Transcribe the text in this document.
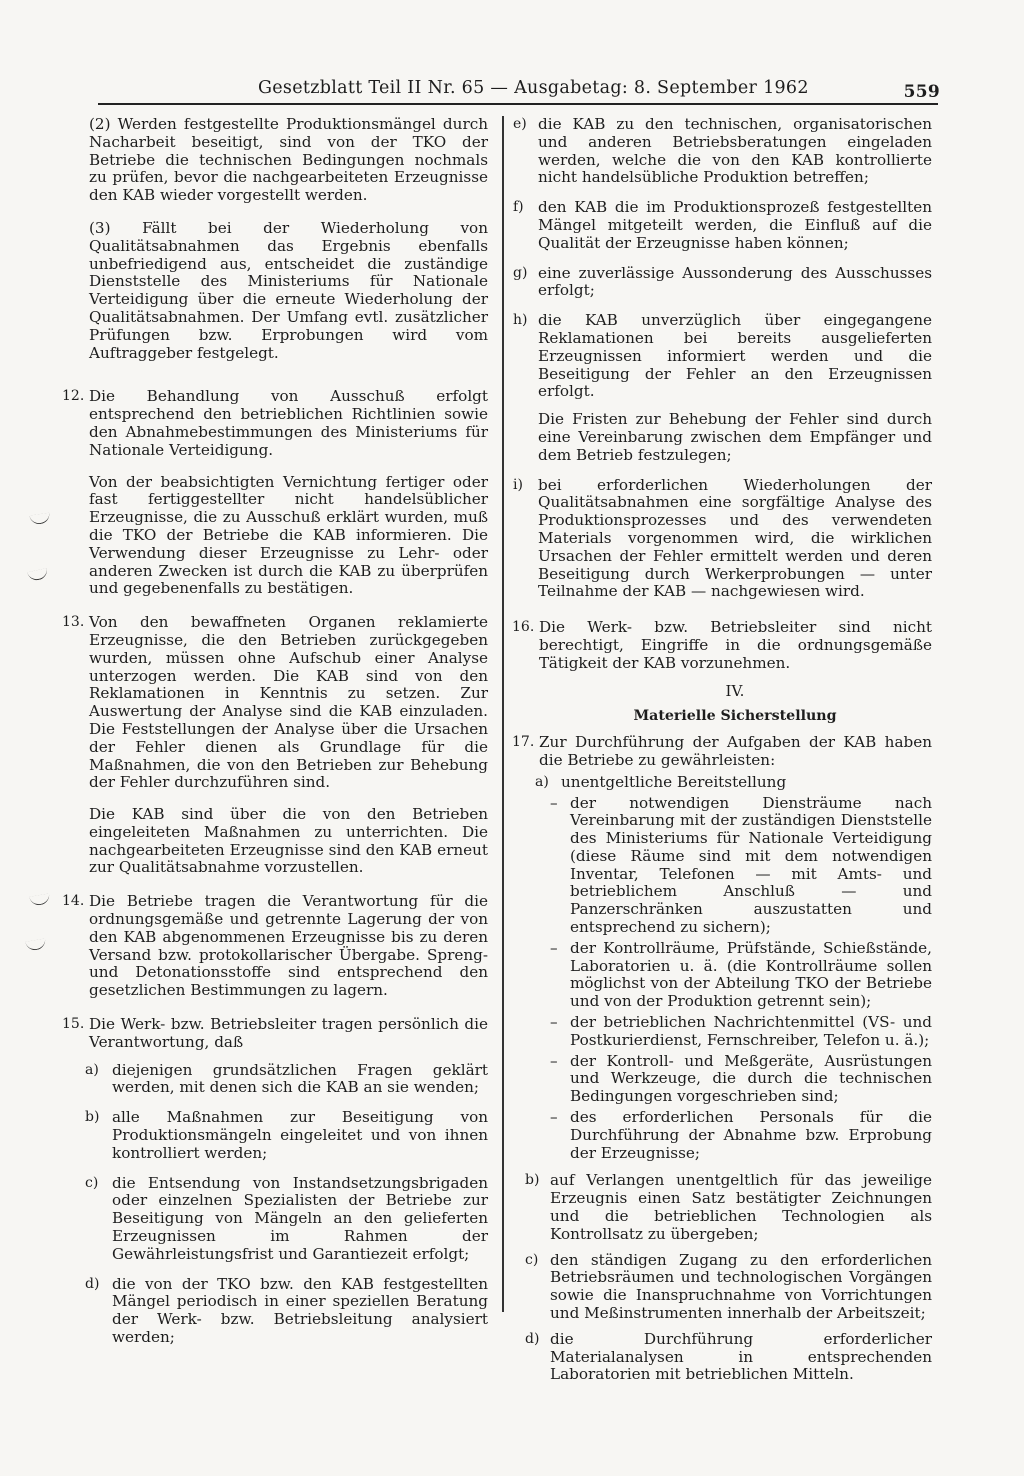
Gesetzblatt Teil II Nr. 65 — Ausgabetag: 8. September 1962	559

(2) Werden festgestellte Produktionsmängel durch Nacharbeit beseitigt, sind von der TKO der Betriebe die technischen Bedingungen nochmals zu prüfen, bevor die nachgearbeiteten Erzeugnisse den KAB wieder vorgestellt werden.

(3) Fällt bei der Wiederholung von Qualitätsabnahmen das Ergebnis ebenfalls unbefriedigend aus, entscheidet die zuständige Dienststelle des Ministeriums für Nationale Verteidigung über die erneute Wiederholung der Qualitätsabnahmen. Der Umfang evtl. zusätzlicher Prüfungen bzw. Erprobungen wird vom Auftraggeber festgelegt.

12. Die Behandlung von Ausschuß erfolgt entsprechend den betrieblichen Richtlinien sowie den Abnahmebestimmungen des Ministeriums für Nationale Verteidigung.

Von der beabsichtigten Vernichtung fertiger oder fast fertiggestellter nicht handelsüblicher Erzeugnisse, die zu Ausschuß erklärt wurden, muß die TKO der Betriebe die KAB informieren. Die Verwendung dieser Erzeugnisse zu Lehr- oder anderen Zwecken ist durch die KAB zu überprüfen und gegebenenfalls zu bestätigen.

13. Von den bewaffneten Organen reklamierte Erzeugnisse, die den Betrieben zurückgegeben wurden, müssen ohne Aufschub einer Analyse unterzogen werden. Die KAB sind von den Reklamationen in Kenntnis zu setzen. Zur Auswertung der Analyse sind die KAB einzuladen. Die Feststellungen der Analyse über die Ursachen der Fehler dienen als Grundlage für die Maßnahmen, die von den Betrieben zur Behebung der Fehler durchzuführen sind.

Die KAB sind über die von den Betrieben eingeleiteten Maßnahmen zu unterrichten. Die nachgearbeiteten Erzeugnisse sind den KAB erneut zur Qualitätsabnahme vorzustellen.

14. Die Betriebe tragen die Verantwortung für die ordnungsgemäße und getrennte Lagerung der von den KAB abgenommenen Erzeugnisse bis zu deren Versand bzw. protokollarischer Übergabe. Spreng- und Detonationsstoffe sind entsprechend den gesetzlichen Bestimmungen zu lagern.

15. Die Werk- bzw. Betriebsleiter tragen persönlich die Verantwortung, daß

a) diejenigen grundsätzlichen Fragen geklärt werden, mit denen sich die KAB an sie wenden;

b) alle Maßnahmen zur Beseitigung von Produktionsmängeln eingeleitet und von ihnen kontrolliert werden;

c) die Entsendung von Instandsetzungsbrigaden oder einzelnen Spezialisten der Betriebe zur Beseitigung von Mängeln an den gelieferten Erzeugnissen im Rahmen der Gewährleistungsfrist und Garantiezeit erfolgt;

d) die von der TKO bzw. den KAB festgestellten Mängel periodisch in einer speziellen Beratung der Werk- bzw. Betriebsleitung analysiert werden;

e) die KAB zu den technischen, organisatorischen und anderen Betriebsberatungen eingeladen werden, welche die von den KAB kontrollierte nicht handelsübliche Produktion betreffen;

f) den KAB die im Produktionsprozeß festgestellten Mängel mitgeteilt werden, die Einfluß auf die Qualität der Erzeugnisse haben können;

g) eine zuverlässige Aussonderung des Ausschusses erfolgt;

h) die KAB unverzüglich über eingegangene Reklamationen bei bereits ausgelieferten Erzeugnissen informiert werden und die Beseitigung der Fehler an den Erzeugnissen erfolgt.

Die Fristen zur Behebung der Fehler sind durch eine Vereinbarung zwischen dem Empfänger und dem Betrieb festzulegen;

i) bei erforderlichen Wiederholungen der Qualitätsabnahmen eine sorgfältige Analyse des Produktionsprozesses und des verwendeten Materials vorgenommen wird, die wirklichen Ursachen der Fehler ermittelt werden und deren Beseitigung durch Werkerprobungen — unter Teilnahme der KAB — nachgewiesen wird.

16. Die Werk- bzw. Betriebsleiter sind nicht berechtigt, Eingriffe in die ordnungsgemäße Tätigkeit der KAB vorzunehmen.

IV.
Materielle Sicherstellung
17. Zur Durchführung der Aufgaben der KAB haben die Betriebe zu gewährleisten:

a) unentgeltliche Bereitstellung

– der notwendigen Diensträume nach Vereinbarung mit der zuständigen Dienststelle des Ministeriums für Nationale Verteidigung (diese Räume sind mit dem notwendigen Inventar, Telefonen — mit Amts- und betrieblichem Anschluß — und Panzerschränken auszustatten und entsprechend zu sichern);

– der Kontrollräume, Prüfstände, Schießstände, Laboratorien u. ä. (die Kontrollräume sollen möglichst von der Abteilung TKO der Betriebe und von der Produktion getrennt sein);

– der betrieblichen Nachrichtenmittel (VS- und Postkurierdienst, Fernschreiber, Telefon u. ä.);

– der Kontroll- und Meßgeräte, Ausrüstungen und Werkzeuge, die durch die technischen Bedingungen vorgeschrieben sind;

– des erforderlichen Personals für die Durchführung der Abnahme bzw. Erprobung der Erzeugnisse;

b) auf Verlangen unentgeltlich für das jeweilige Erzeugnis einen Satz bestätigter Zeichnungen und die betrieblichen Technologien als Kontrollsatz zu übergeben;

c) den ständigen Zugang zu den erforderlichen Betriebsräumen und technologischen Vorgängen sowie die Inanspruchnahme von Vorrichtungen und Meßinstrumenten innerhalb der Arbeitszeit;

d) die Durchführung erforderlicher Materialanalysen in entsprechenden Laboratorien mit betrieblichen Mitteln.
